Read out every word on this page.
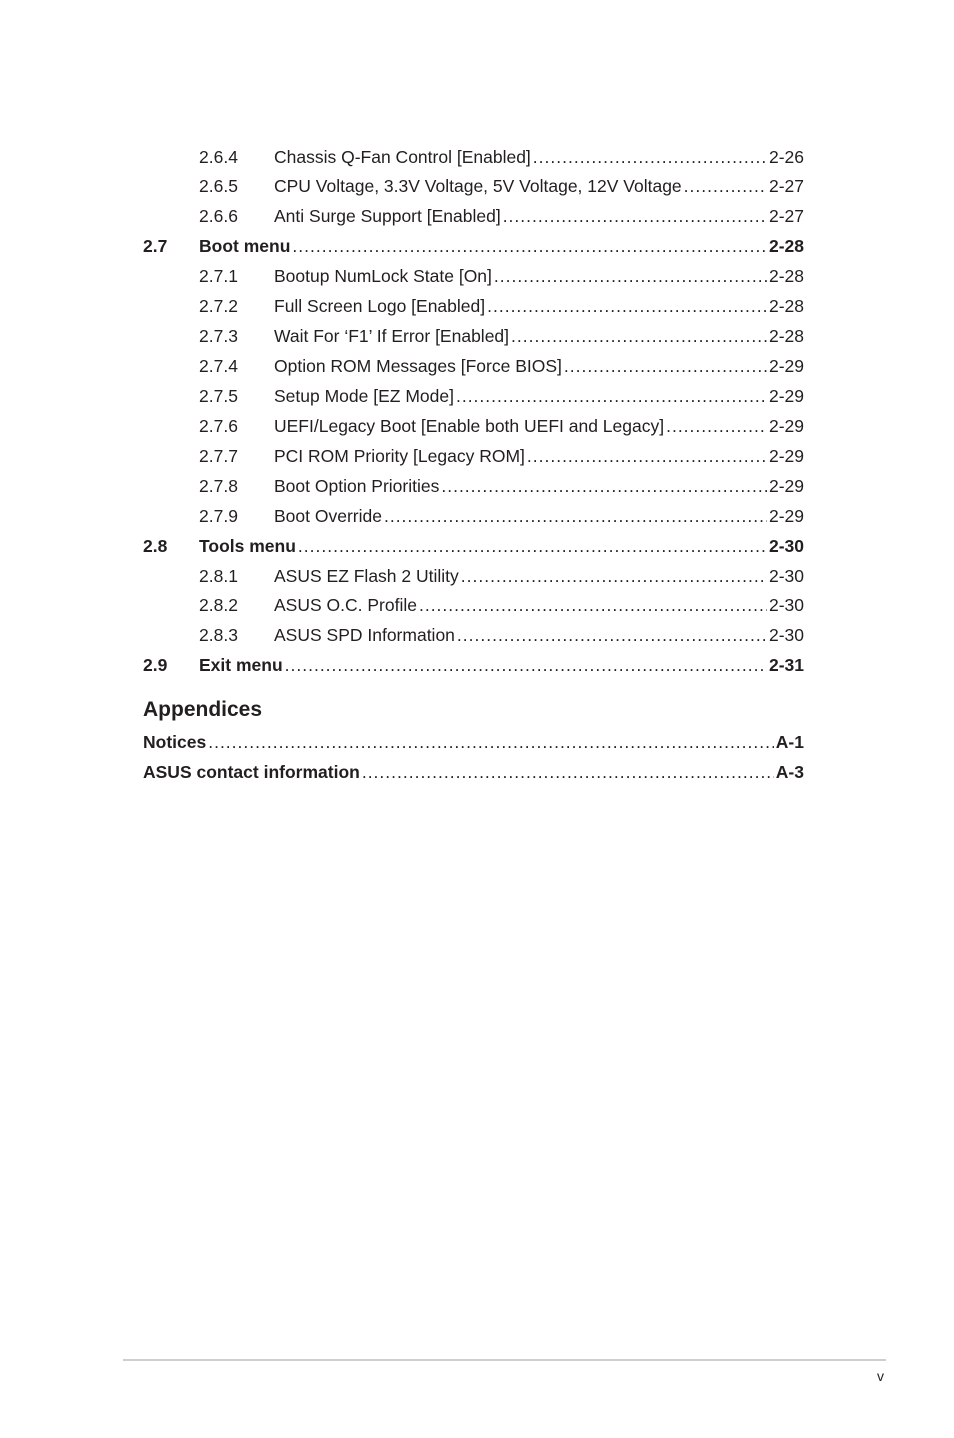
2.6.4	Chassis Q-Fan Control [Enabled] .....	2-26
2.6.5	CPU Voltage, 3.3V Voltage, 5V Voltage, 12V Voltage .....	2-27
2.6.6	Anti Surge Support [Enabled] .....	2-27
2.7	Boot menu .....	2-28
2.7.1	Bootup NumLock State [On] .....	2-28
2.7.2	Full Screen Logo [Enabled] .....	2-28
2.7.3	Wait For ‘F1’ If Error [Enabled] .....	2-28
2.7.4	Option ROM Messages [Force BIOS] .....	2-29
2.7.5	Setup Mode [EZ Mode] .....	2-29
2.7.6	UEFI/Legacy Boot [Enable both UEFI and Legacy] .....	2-29
2.7.7	PCI ROM Priority [Legacy ROM] .....	2-29
2.7.8	Boot Option Priorities .....	2-29
2.7.9	Boot Override .....	2-29
2.8	Tools menu .....	2-30
2.8.1	ASUS EZ Flash 2 Utility .....	2-30
2.8.2	ASUS O.C. Profile .....	2-30
2.8.3	ASUS SPD Information .....	2-30
2.9	Exit menu .....	2-31
Appendices
Notices .....	A-1
ASUS contact information .....	A-3
v
